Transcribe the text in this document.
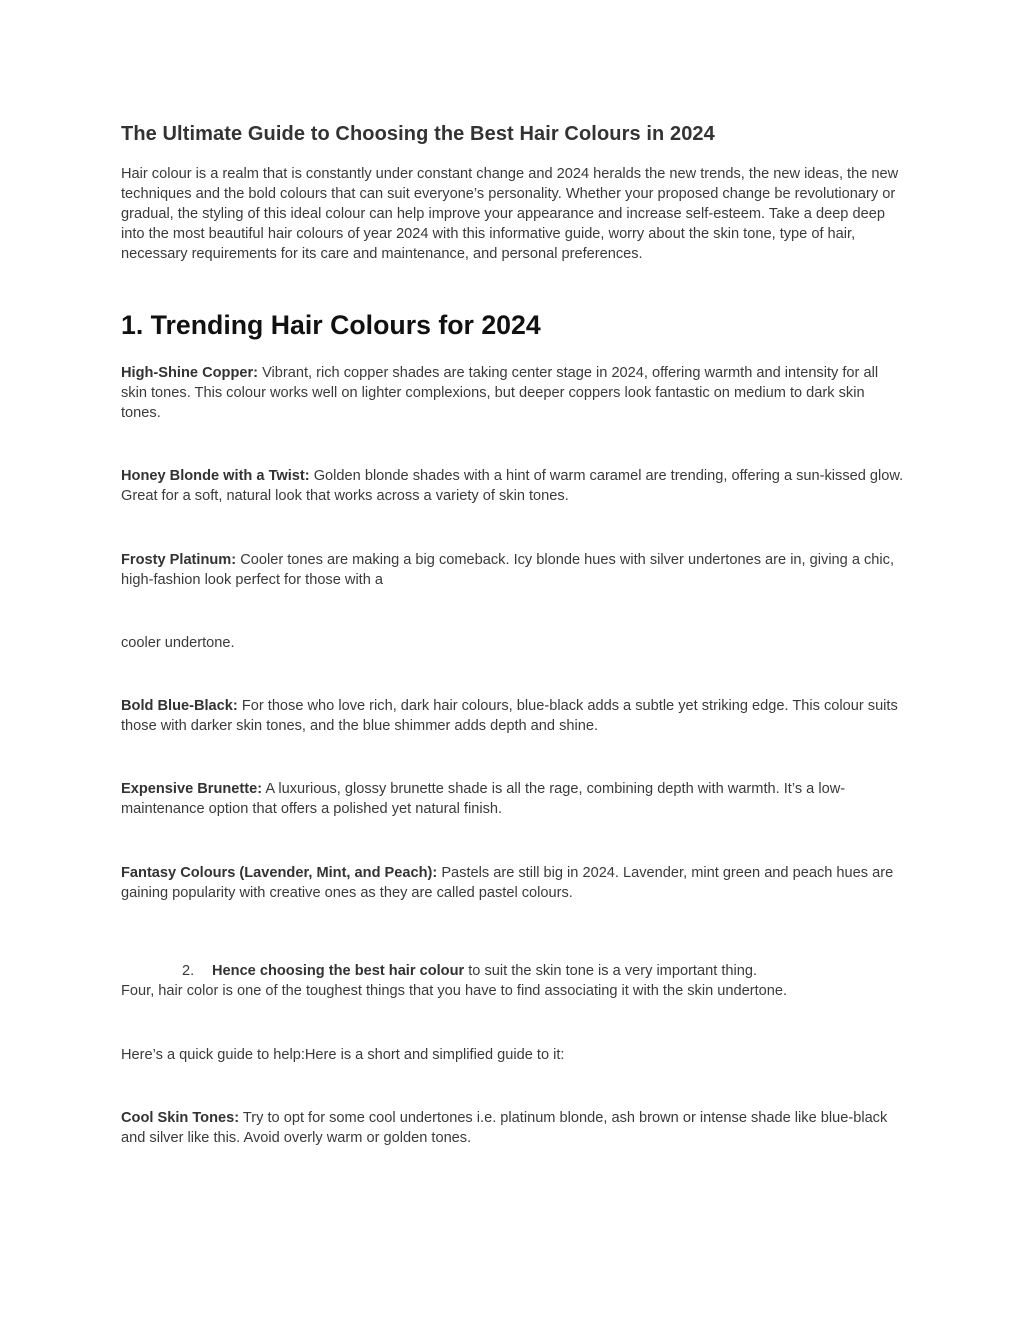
The Ultimate Guide to Choosing the Best Hair Colours in 2024

Hair colour is a realm that is constantly under constant change and 2024 heralds the new trends, the new ideas, the new techniques and the bold colours that can suit everyone’s personality. Whether your proposed change be revolutionary or gradual, the styling of this ideal colour can help improve your appearance and increase self-esteem. Take a deep deep into the most beautiful hair colours of year 2024 with this informative guide, worry about the skin tone, type of hair, necessary requirements for its care and maintenance, and personal preferences.

1. Trending Hair Colours for 2024

High-Shine Copper: Vibrant, rich copper shades are taking center stage in 2024, offering warmth and intensity for all skin tones. This colour works well on lighter complexions, but deeper coppers look fantastic on medium to dark skin tones.

Honey Blonde with a Twist: Golden blonde shades with a hint of warm caramel are trending, offering a sun-kissed glow. Great for a soft, natural look that works across a variety of skin tones.

Frosty Platinum: Cooler tones are making a big comeback. Icy blonde hues with silver undertones are in, giving a chic, high-fashion look perfect for those with a

cooler undertone.

Bold Blue-Black: For those who love rich, dark hair colours, blue-black adds a subtle yet striking edge. This colour suits those with darker skin tones, and the blue shimmer adds depth and shine.

Expensive Brunette: A luxurious, glossy brunette shade is all the rage, combining depth with warmth. It’s a low-maintenance option that offers a polished yet natural finish.

Fantasy Colours (Lavender, Mint, and Peach): Pastels are still big in 2024. Lavender, mint green and peach hues are gaining popularity with creative ones as they are called pastel colours.

2. Hence choosing the best hair colour to suit the skin tone is a very important thing.

Four, hair color is one of the toughest things that you have to find associating it with the skin undertone.

Here’s a quick guide to help:Here is a short and simplified guide to it:

Cool Skin Tones: Try to opt for some cool undertones i.e. platinum blonde, ash brown or intense shade like blue-black and silver like this. Avoid overly warm or golden tones.
